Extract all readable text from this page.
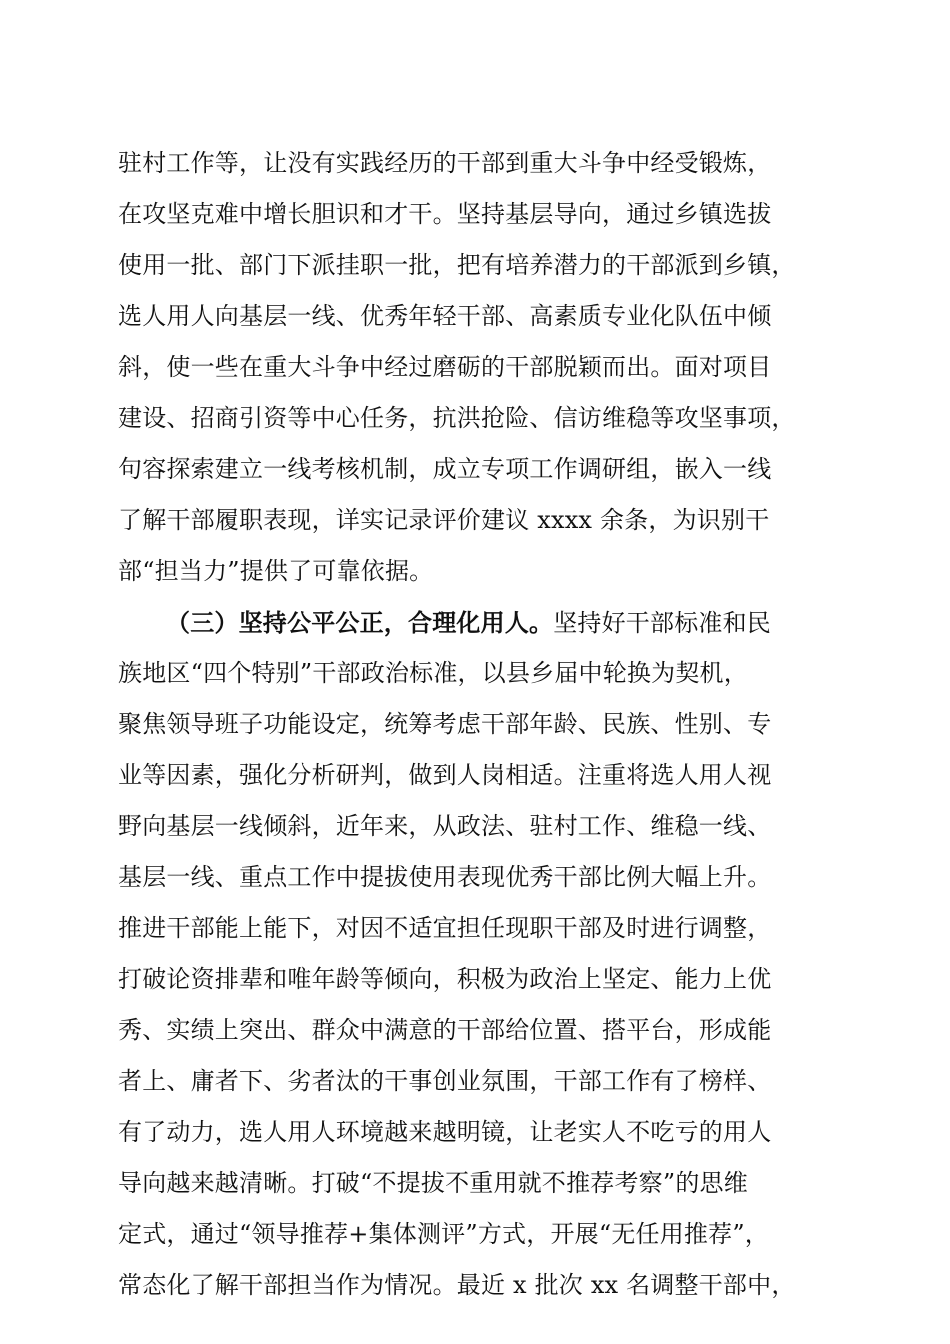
驻村工作等，让没有实践经历的干部到重大斗争中经受锻炼，
在攻坚克难中增长胆识和才干。坚持基层导向，通过乡镇选拔
使用一批、部门下派挂职一批，把有培养潜力的干部派到乡镇，
选人用人向基层一线、优秀年轻干部、高素质专业化队伍中倾
斜，使一些在重大斗争中经过磨砺的干部脱颖而出。面对项目
建设、招商引资等中心任务，抗洪抢险、信访维稳等攻坚事项，
句容探索建立一线考核机制，成立专项工作调研组，嵌入一线
了解干部履职表现，详实记录评价建议 xxxx 余条，为识别干
部“担当力”提供了可靠依据。
（三）坚持公平公正，合理化用人。坚持好干部标准和民
族地区“四个特别”干部政治标准，以县乡届中轮换为契机，
聚焦领导班子功能设定，统筹考虑干部年龄、民族、性别、专
业等因素，强化分析研判，做到人岗相适。注重将选人用人视
野向基层一线倾斜，近年来，从政法、驻村工作、维稳一线、
基层一线、重点工作中提拔使用表现优秀干部比例大幅上升。
推进干部能上能下，对因不适宜担任现职干部及时进行调整，
打破论资排辈和唯年龄等倾向，积极为政治上坚定、能力上优
秀、实绩上突出、群众中满意的干部给位置、搭平台，形成能
者上、庸者下、劣者汰的干事创业氛围，干部工作有了榜样、
有了动力，选人用人环境越来越明镜，让老实人不吃亏的用人
导向越来越清晰。打破“不提拔不重用就不推荐考察”的思维
定式，通过“领导推荐+集体测评”方式，开展“无任用推荐”，
常态化了解干部担当作为情况。最近 x 批次 xx 名调整干部中，
